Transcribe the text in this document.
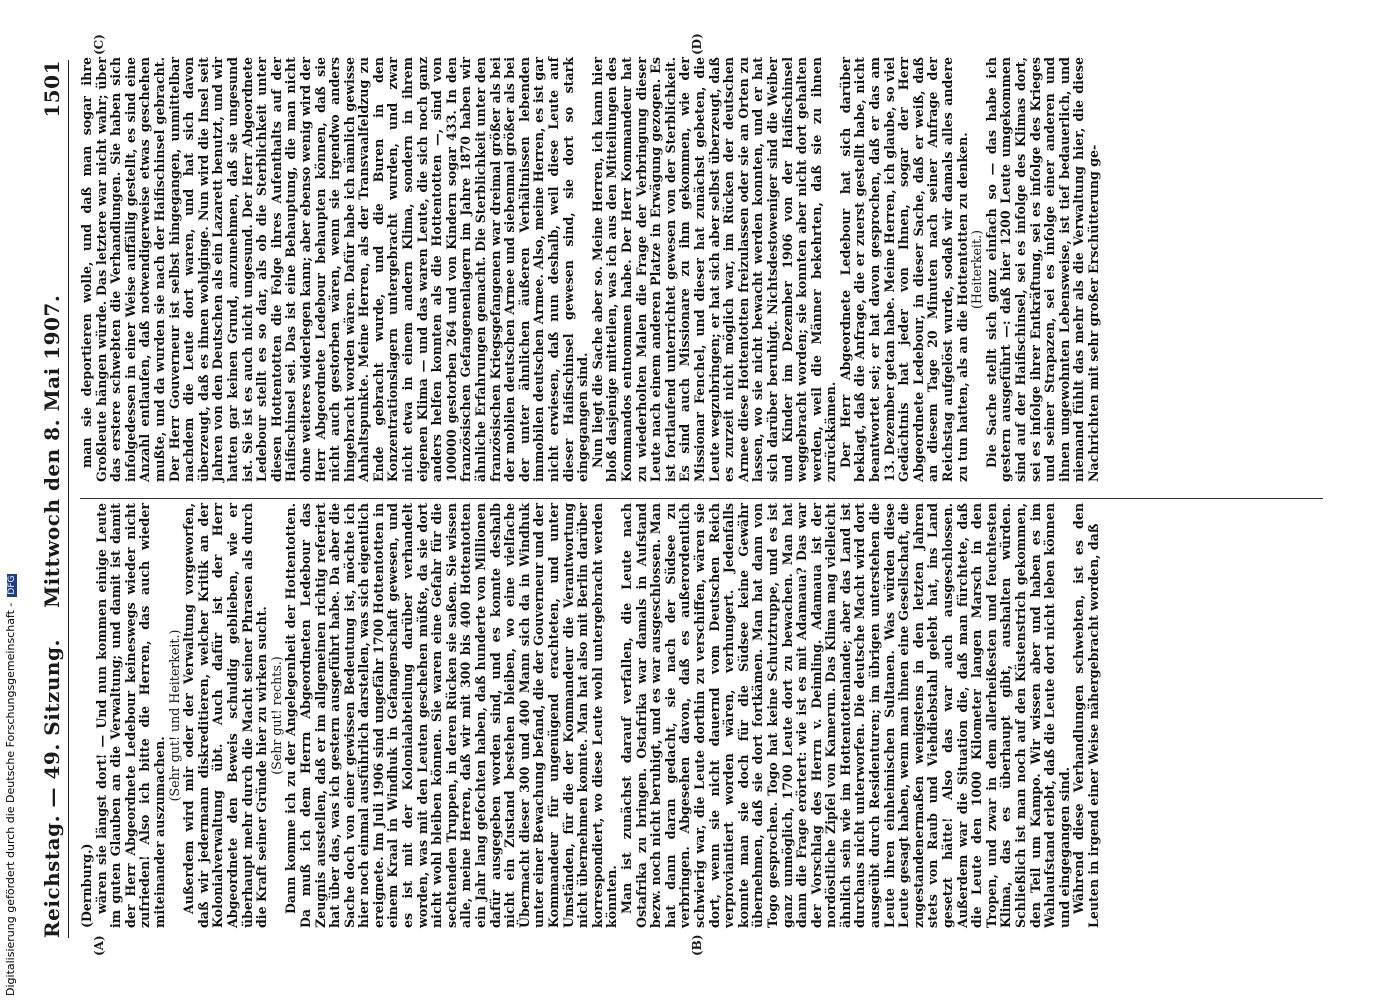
Reichstag. — 49. Sitzung.
Mittwoch den 8. Mai 1907.
1501
(A)	(B)
(C)	(D)

(Dernburg.) wären sie längst dort! — Und nun kommen einige Leute im guten Glauben an die Verwaltung; und damit ist damit der Herr Abgeordnete Ledebour keineswegs wieder nicht zufrieden! Also ich bitte die Herren, das auch wieder miteinander auszumachen.

(Sehr gut! und Heiterkeit.) Außerdem wird mir oder der Verwaltung vorgeworfen, daß wir jedermann diskreditieren, welcher Kritik an der Kolonialverwaltung übt. Auch dafür ist der Herr Abgeordnete den Beweis schuldig geblieben, wie er überhaupt mehr durch die Macht seiner Phrasen als durch die Kraft seiner Gründe hier zu wirken sucht. (Sehr gut! rechts.) Dann komme ich zu der Angelegenheit der Hottentotten. Da muß ich dem Herrn Abgeordneten Ledebour das Zeugnis ausstellen, daß er im allgemeinen richtig referiert hat über das, was ich gestern ausgeführt habe. Da aber die Sache doch von einer gewissen Bedeutung ist, möchte ich hier noch einmal ausführlich darstellen, was sich eigentlich ereignete. Im Juli 1906 sind ungefähr 1700 Hottentotten in einem Kraal in Windhuk in Gefangenschaft gewesen, und es ist mit der Kolonialabteilung darüber verhandelt worden, was mit den Leuten geschehen müßte, da sie dort nicht wohl bleiben können. Sie waren eine Gefahr für die sechtenden Truppen, in deren Rücken sie saßen. Sie wissen alle, meine Herren, daß wir mit 300 bis 400 Hottentotten ein Jahr lang gefochten haben, daß hunderte von Millionen dafür ausgegeben worden sind, und es konnte deshalb nicht ein Zustand bestehen bleiben, wo eine vielfache Übermacht dieser 300 und 400 Mann sich da in Windhuk unter einer Bewachung befand, die der Gouverneur und der Kommandeur für ungenügend erachteten, und unter Umständen, für die der Kommandeur die Verantwortung nicht übernehmen konnte. Man hat also mit Berlin darüber korrespondiert, wo diese Leute wohl untergebracht werden könnten. Man ist zunächst darauf verfallen, die Leute nach Ostafrika zu bringen. Ostafrika war damals in Aufstand bezw. noch nicht beruhigt, und es war ausgeschlossen. Man hat dann daran gedacht, sie nach der Südsee zu verbringen. Abgesehen davon, daß es außerordentlich schwierig war, die Leute dorthin zu verschiffen, wären sie dort, wenn sie nicht dauernd vom Deutschen Reich verproviantiert worden wären, verhungert. Jedenfalls konnte man sie doch für die Südsee keine Gewähr übernehmen, daß sie dort fortkämen. Man hat dann von Togo gesprochen. Togo hat keine Schutztruppe, und es ist ganz unmöglich, 1700 Leute dort zu bewachen. Man hat dann die Frage erörtert: wie ist es mit Adamaua? Das war der Vorschlag des Herrn v. Deimling. Adamaua ist der nordöstliche Zipfel von Kamerun. Das Klima mag vielleicht ähnlich sein wie im Hottentottenlande; aber das Land ist durchaus nicht unterworfen. Die deutsche Macht wird dort ausgeübt durch Residenturen; im übrigen unterstehen die Leute ihren einheimischen Sultanen. Was würden diese Leute gesagt haben, wenn man ihnen eine Gesellschaft, die zugestandenermaßen wenigstens in den letzten Jahren stets von Raub und Viehdiebstahl gelebt hat, ins Land gesetzt hätte! Also das war auch ausgeschlossen. Außerdem war die Situation die, daß man fürchtete, daß die Leute den 1000 Kilometer langen Marsch in den Tropen, und zwar in dem allerheißesten und feuchtesten Klima, das es überhaupt gibt, aushalten würden. Schließlich ist man noch auf den Küstenstrich gekommen, den Teil um Kampo. Wir wissen aber und haben es im Wahlaufstand erlebt, daß die Leute dort nicht leben können und eingegangen sind. Während diese Verhandlungen schwebten, ist es den Leuten in irgend einer Weise nähergebracht worden, daß

man sie deportieren wolle, und daß man sogar ihre Großleute hängen würde. Das letztere war nicht wahr; über das erstere schwebten die Verhandlungen. Sie haben sich infolgedessen in einer Weise auffällig gestellt, es sind eine Anzahl entlaufen, daß notwendigerweise etwas geschehen mußte, und da wurden sie nach der Haifischinsel gebracht. Der Herr Gouverneur ist selbst hingegangen, unmittelbar nachdem die Leute dort waren, und hat sich davon überzeugt, daß es ihnen wohlginge. Nun wird die Insel seit Jahren von den Deutschen als ein Lazarett benutzt, und wir hatten gar keinen Grund, anzunehmen, daß sie ungesund ist. Sie ist es auch nicht ungesund. Der Herr Abgeordnete Ledebour stellt es so dar, als ob die Sterblichkeit unter diesen Hottentotten die Folge ihres Aufenthalts auf der Haifischinsel sei. Das ist eine Behauptung, die man nicht ohne weiteres widerlegen kann; aber ebenso wenig wird der Herr Abgeordnete Ledebour behaupten können, daß sie nicht auch gestorben wären, wenn sie irgendwo anders hingebracht worden wären. Dafür habe ich nämlich gewisse Anhaltspunkte. Meine Herren, als der Transvaalfeldzug zu Ende gebracht wurde, und die Buren in den Konzentrationslagern untergebracht wurden, und zwar nicht etwa in einem andern Klima, sondern in ihrem eigenen Klima — und das waren Leute, die sich noch ganz anders helfen konnten als die Hottentotten —, sind von 100000 gestorben 264 und von Kindern sogar 433. In den französischen Gefangenenlagern im Jahre 1870 haben wir ähnliche Erfahrungen gemacht. Die Sterblichkeit unter den französischen Kriegsgefangenen war dreimal größer als bei der mobilen deutschen Armee und siebenmal größer als bei der unter ähnlichen äußeren Verhältnissen lebenden immobilen deutschen Armee. Also, meine Herren, es ist gar nicht erwiesen, daß nun deshalb, weil diese Leute auf dieser Haifischinsel gewesen sind, sie dort so stark eingegangen sind. Nun liegt die Sache aber so. Meine Herren, ich kann hier bloß dasjenige mitteilen, was ich aus den Mitteilungen des Kommandos entnommen habe. Der Herr Kommandeur hat zu wiederholten Malen die Frage der Verbringung dieser Leute nach einem anderen Platze in Erwägung gezogen. Es ist fortlaufend unterrichtet gewesen von der Sterblichkeit. Es sind auch Missionare zu ihm gekommen, wie der Missionar Fenchel, und dieser hat zunächst gebeten, die Leute wegzubringen; er hat sich aber selbst überzeugt, daß es zurzeit nicht möglich war, im Rücken der deutschen Armee diese Hottentotten freizulassen oder sie an Orten zu lassen, wo sie nicht bewacht werden konnten, und er hat sich darüber beruhigt. Nichtsdestoweniger sind die Weiber und Kinder im Dezember 1906 von der Haifischinsel weggebracht worden; sie konnten aber nicht dort gehalten werden, weil die Männer bekehrten, daß sie zu ihnen zurückkämen. Der Herr Abgeordnete Ledebour hat sich darüber beklagt, daß die Anfrage, die er zuerst gestellt habe, nicht beantwortet sei; er hat davon gesprochen, daß er das am 13. Dezember getan habe. Meine Herren, ich glaube, so viel Gedächtnis hat jeder von Ihnen, sogar der Herr Abgeordnete Ledebour, in dieser Sache, daß er weiß, daß an diesem Tage 20 Minuten nach seiner Anfrage der Reichstag aufgelöst wurde, sodaß wir damals alles andere zu tun hatten, als an die Hottentotten zu denken. (Heiterkeit.) Die Sache stellt sich ganz einfach so — das habe ich gestern ausgeführt —: daß hier 1200 Leute umgekommen sind auf der Haifischinsel, sei es infolge des Klimas dort, sei es infolge ihrer Entkräftung, sei es infolge des Krieges und seiner Strapazen, sei es infolge einer anderen und ihnen ungewohnten Lebensweise, ist tief bedauerlich, und niemand fühlt das mehr als die Verwaltung hier, die diese Nachrichten mit sehr großer Erschütterung ge-

Digitalisierung gefördert durch die Deutsche Forschungsgemeinschaft -DFG
